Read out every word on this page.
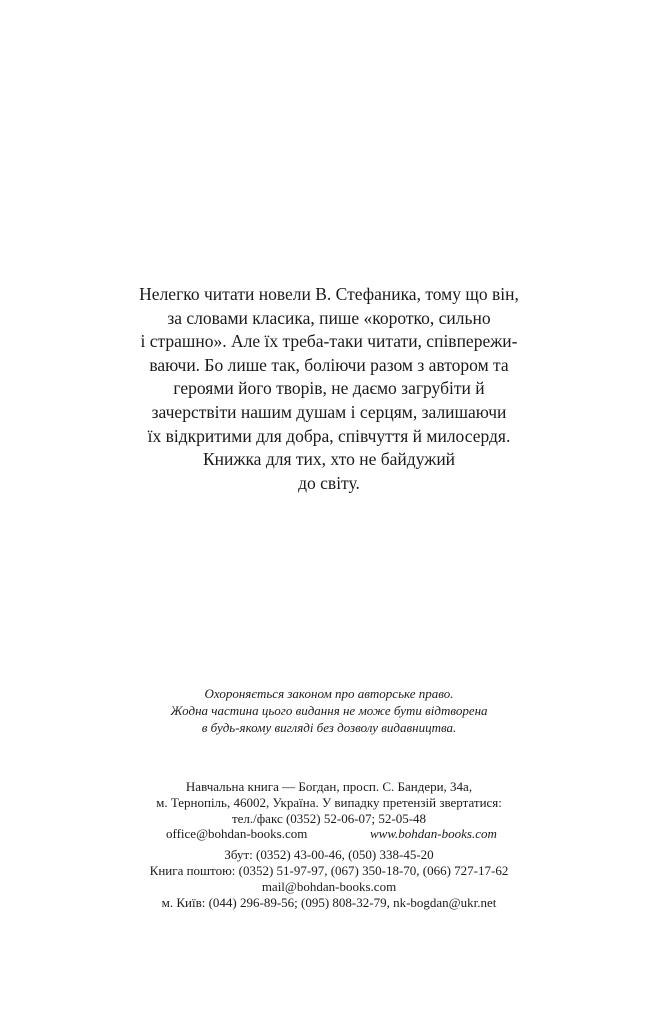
Нелегко читати новели В. Стефаника, тому що він,
за словами класика, пише «коротко, сильно
і страшно». Але їх треба-таки читати, співпережи-
ваючи. Бо лише так, боліючи разом з автором та
героями його творів, не даємо загрубіти й
зачерствіти нашим душам і серцям, залишаючи
їх відкритими для добра, співчуття й милосердя.
Книжка для тих, хто не байдужий
до світу.
Охороняється законом про авторське право.
Жодна частина цього видання не може бути відтворена
в будь-якому вигляді без дозволу видавництва.
Навчальна книга — Богдан, просп. С. Бандери, 34а,
м. Тернопіль, 46002, Україна. У випадку претензій звертатися:
тел./факс (0352) 52-06-07; 52-05-48
office@bohdan-books.com	www.bohdan-books.com
Збут: (0352) 43-00-46, (050) 338-45-20
Книга поштою: (0352) 51-97-97, (067) 350-18-70, (066) 727-17-62
mail@bohdan-books.com
м. Київ: (044) 296-89-56; (095) 808-32-79, nk-bogdan@ukr.net
